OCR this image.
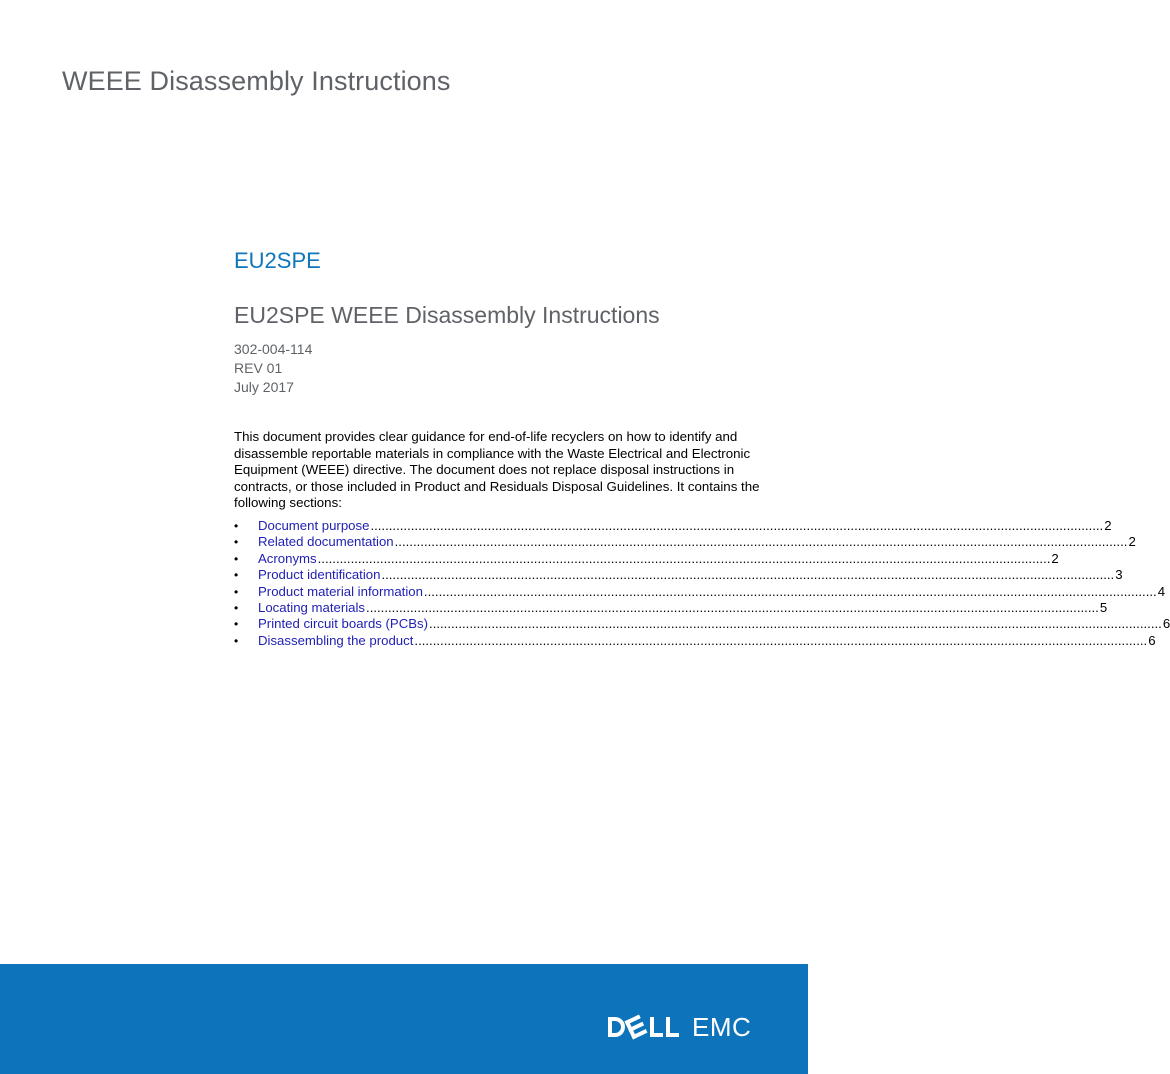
WEEE Disassembly Instructions
EU2SPE
EU2SPE WEEE Disassembly Instructions
302-004-114
REV 01
July 2017
This document provides clear guidance for end-of-life recyclers on how to identify and disassemble reportable materials in compliance with the Waste Electrical and Electronic Equipment (WEEE) directive. The document does not replace disposal instructions in contracts, or those included in Product and Residuals Disposal Guidelines. It contains the following sections:
•	Document purpose ........................................................................................................................................................................................................ 2
•	Related documentation ........................................................................................................................................................................................................ 2
•	Acronyms ........................................................................................................................................................................................................ 2
•	Product identification ........................................................................................................................................................................................................ 3
•	Product material information ........................................................................................................................................................................................................ 4
•	Locating materials ........................................................................................................................................................................................................ 5
•	Printed circuit boards (PCBs) ........................................................................................................................................................................................................ 6
•	Disassembling the product ........................................................................................................................................................................................................ 6
EMC
